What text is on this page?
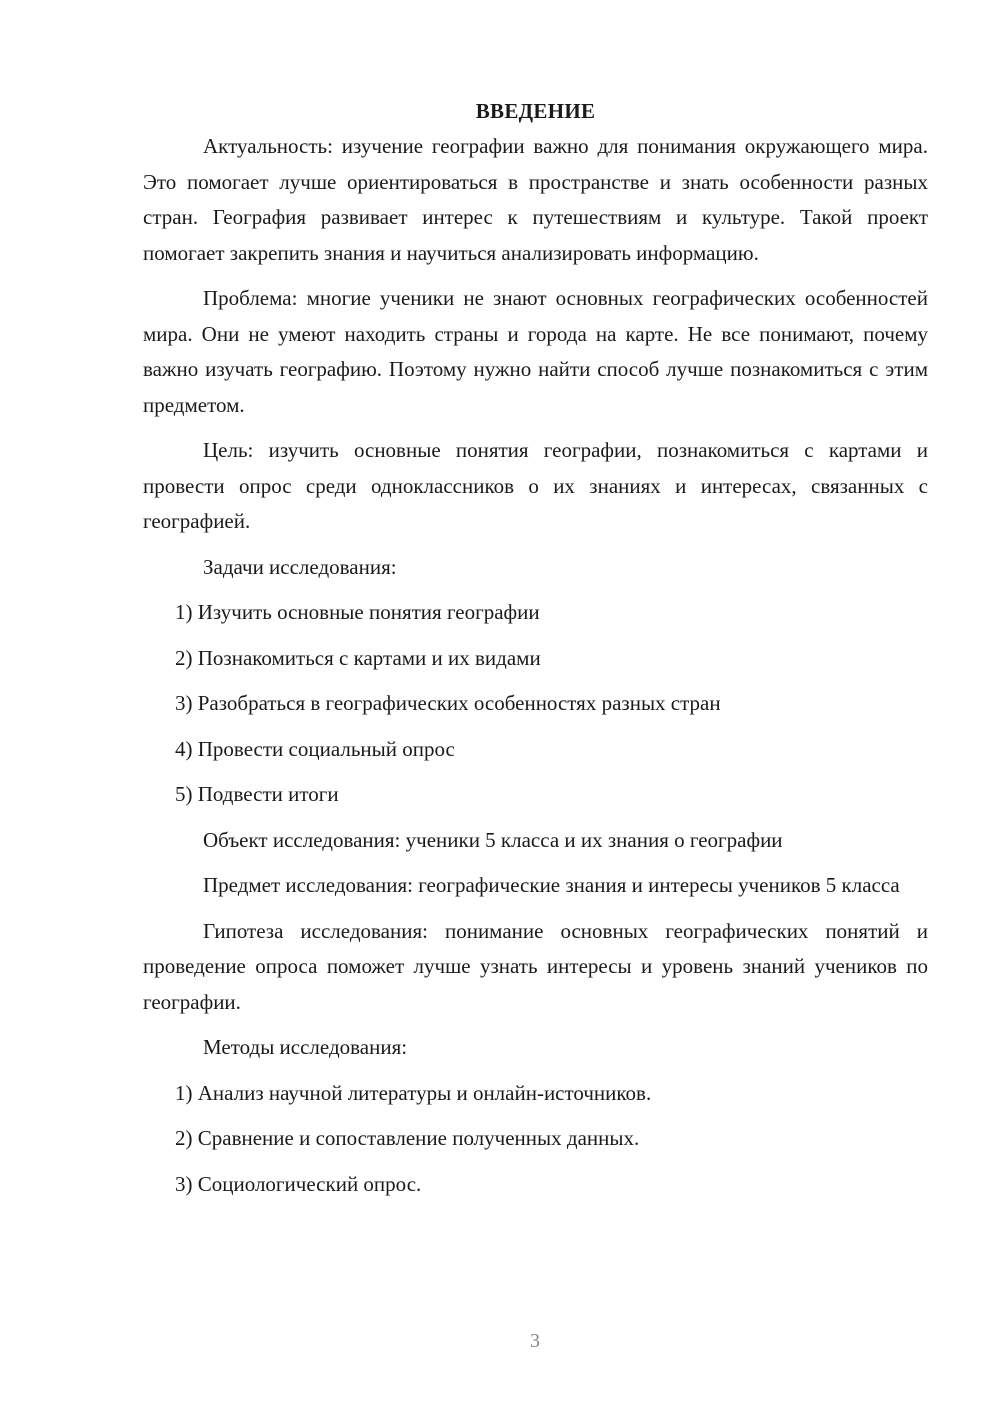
ВВЕДЕНИЕ

Актуальность: изучение географии важно для понимания окружающего мира. Это помогает лучше ориентироваться в пространстве и знать особенности разных стран. География развивает интерес к путешествиям и культуре. Такой проект помогает закрепить знания и научиться анализировать информацию.

Проблема: многие ученики не знают основных географических особенностей мира. Они не умеют находить страны и города на карте. Не все понимают, почему важно изучать географию. Поэтому нужно найти способ лучше познакомиться с этим предметом.

Цель: изучить основные понятия географии, познакомиться с картами и провести опрос среди одноклассников о их знаниях и интересах, связанных с географией.

Задачи исследования:
1) Изучить основные понятия географии
2) Познакомиться с картами и их видами
3) Разобраться в географических особенностях разных стран
4) Провести социальный опрос
5) Подвести итоги
Объект исследования: ученики 5 класса и их знания о географии

Предмет исследования: географические знания и интересы учеников 5 класса

Гипотеза исследования: понимание основных географических понятий и проведение опроса поможет лучше узнать интересы и уровень знаний учеников по географии.

Методы исследования:
1) Анализ научной литературы и онлайн-источников.
2) Сравнение и сопоставление полученных данных.
3) Социологический опрос.
3
